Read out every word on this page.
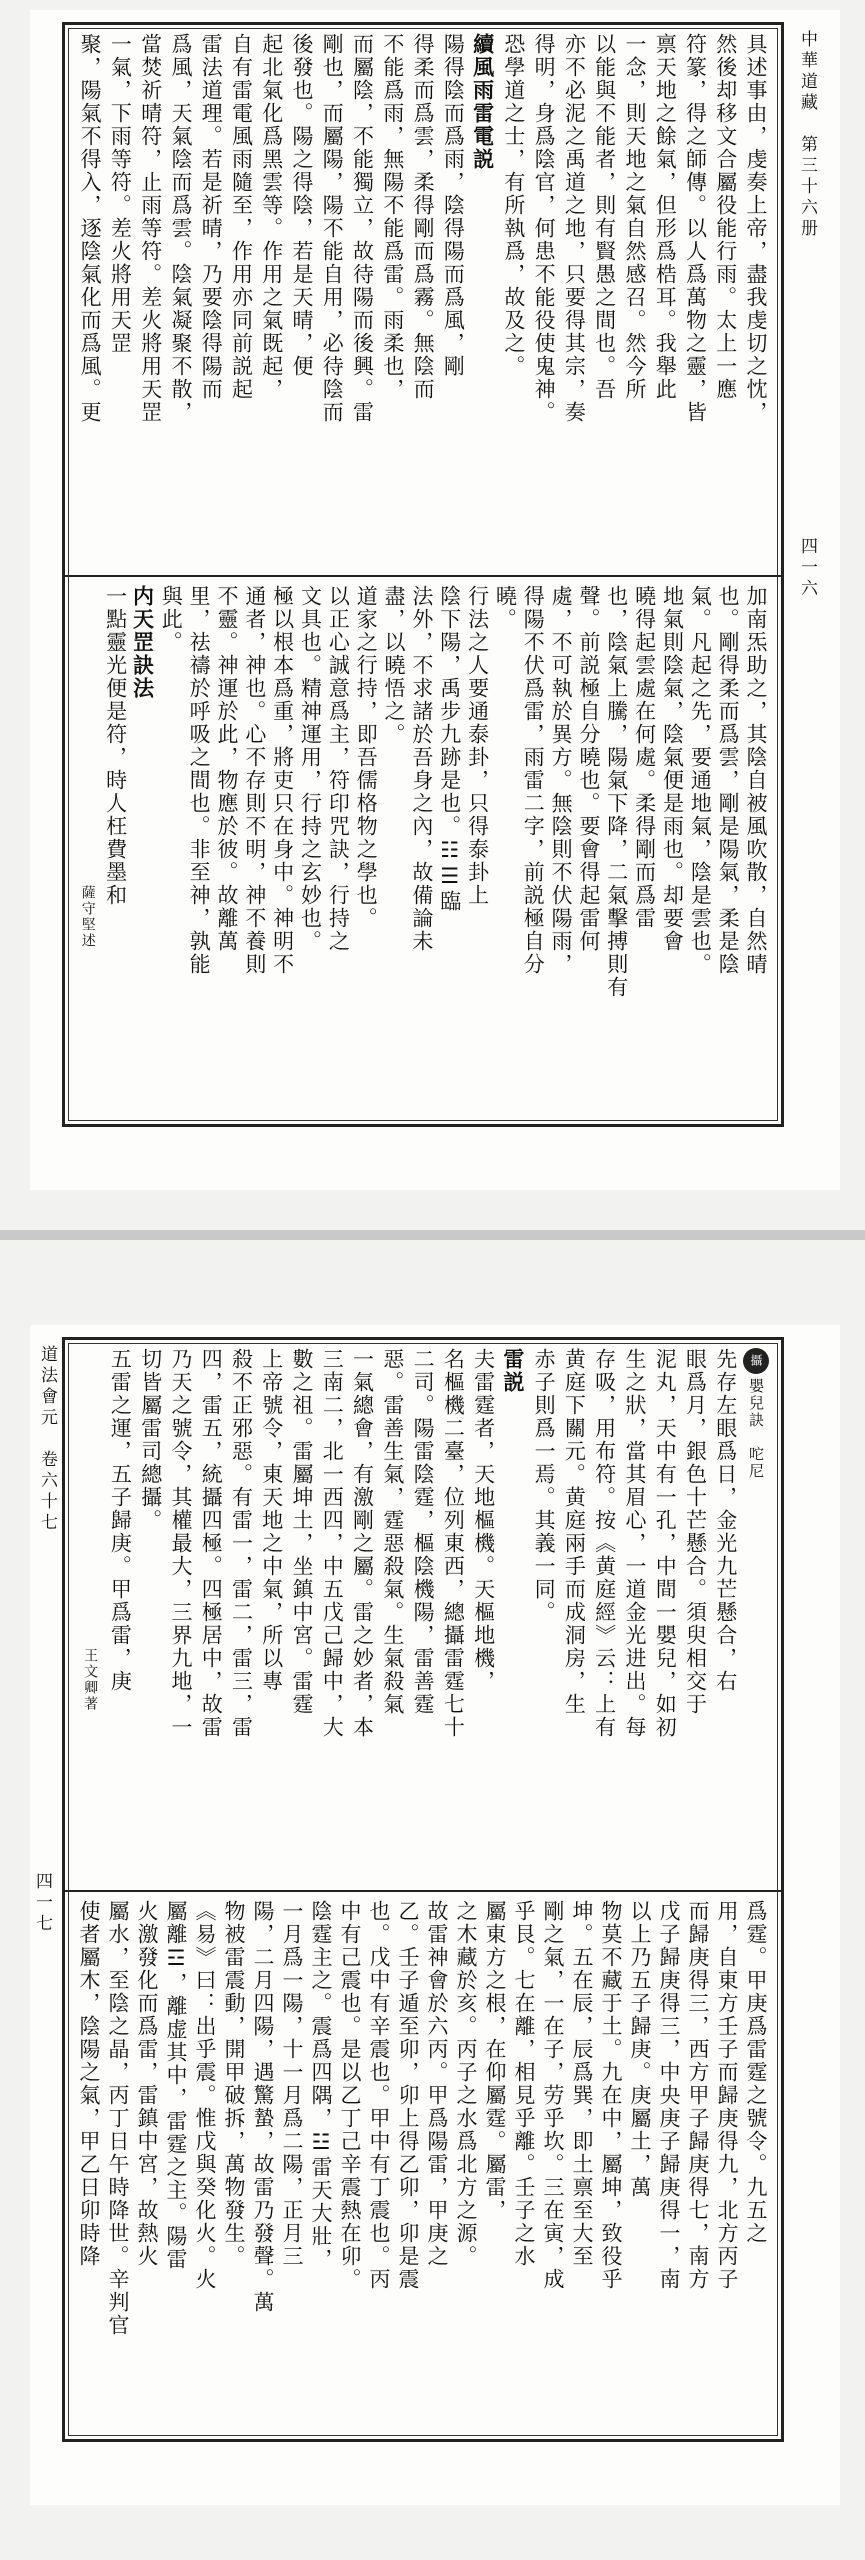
中華道藏　第三十六册
四一六
具述事由，虔奏上帝，盡我虔切之忱，
然後却移文合屬役能行雨。太上一應
符篆，得之師傳。以人爲萬物之靈，皆
禀天地之餘氣，但形爲梏耳。我舉此
一念，則天地之氣自然感召。然今所
以能與不能者，則有賢愚之間也。吾
亦不必泥之禹道之地，只要得其宗，奏
得明，身爲陰官，何患不能役使鬼神。
恐學道之士，有所執爲，故及之。
續風雨雷電説
陽得陰而爲雨，陰得陽而爲風，剛
得柔而爲雲，柔得剛而爲霧。無陰而
不能爲雨，無陽不能爲雷。雨柔也，
而屬陰，不能獨立，故待陽而後興。雷
剛也，而屬陽，陽不能自用，必待陰而
後發也。陽之得陰，若是天晴，便
起北氣化爲黑雲等。作用之氣既起，
自有雷電風雨隨至，作用亦同前説起
雷法道理。若是祈晴，乃要陰得陽而
爲風，天氣陰而爲雲。陰氣凝聚不散，
當焚祈晴符，止雨等符。差火將用天罡
一氣，下雨等符。差火將用天罡
聚，陽氣不得入，逐陰氣化而爲風。更
加南炁助之，其陰自被風吹散，自然晴
也。剛得柔而爲雲，剛是陽氣，柔是陰
氣。凡起之先，要通地氣，陰是雲也。
地氣則陰氣，陰氣便是雨也。却要會
曉得起雲處在何處。柔得剛而爲雷
也，陰氣上騰，陽氣下降，二氣擊搏則有
聲。前説極自分曉也。要會得起雷何
處，不可執於異方。無陰則不伏陽雨，
得陽不伏爲雷，雨雷二字，前説極自分
曉。
行法之人要通泰卦，只得泰卦上
陰下陽，禹步九跡是也。☷☰臨
法外，不求諸於吾身之內，故備論未
盡，以曉悟之。
道家之行持，即吾儒格物之學也。
以正心誠意爲主，符印咒訣，行持之
文具也。精神運用，行持之玄妙也。
極以根本爲重，將吏只在身中。神明不
通者，神也。心不存則不明，神不養則
不靈。神運於此，物應於彼。故離萬
里，祛禱於呼吸之間也。非至神，孰能
與此。
内天罡訣法
一點靈光便是符，時人枉費墨和
薩守堅述
道法會元　卷六十七
四一七
攝嬰兒訣　咜尼
先存左眼爲日，金光九芒懸合，右
眼爲月，銀色十芒懸合。須臾相交于
泥丸，天中有一孔，中間一嬰兒，如初
生之狀，當其眉心，一道金光进出。每
存吸，用布符。按《黄庭經》云：上有
黄庭下關元。黄庭兩手而成洞房，生
赤子則爲一焉。其義一同。
雷説
夫雷霆者，天地樞機。天樞地機，
名樞機二臺，位列東西，總攝雷霆七十
二司。陽雷陰霆，樞陰機陽，雷善霆
惡。雷善生氣，霆惡殺氣。生氣殺氣
一氣總會，有激剛之屬。雷之妙者，本
三南二，北一西四，中五戊己歸中，大
數之祖。雷屬坤土，坐鎮中宮。雷霆
上帝號令，東天地之中氣，所以專
殺不正邪惡。有雷一，雷二，雷三，雷
四，雷五，統攝四極。四極居中，故雷
乃天之號令，其權最大，三界九地，一
切皆屬雷司總攝。
五雷之運，五子歸庚。甲爲雷，庚
王文卿著
爲霆。甲庚爲雷霆之號令。九五之
用，自東方壬子而歸庚得九，北方丙子
而歸庚得三，西方甲子歸庚得七，南方
戊子歸庚得三，中央庚子歸庚得一，南
以上乃五子歸庚。庚屬土，萬
物莫不藏于土。九在中，屬坤，致役乎
坤。五在辰，辰爲巽，即土禀至大至
剛之氣，一在子，劳乎坎。三在寅，成
乎艮。七在離，相見乎離。壬子之水
屬東方之根，在仰屬霆。屬雷，
之木藏於亥。丙子之水爲北方之源。
故雷神會於六丙。甲爲陽雷，甲庚之
乙。壬子遁至卯，卯上得乙卯，卯是震
也。戊中有辛震也。甲中有丁震也。丙
中有己震也。是以乙丁己辛震熱在卯。
陰霆主之。震爲四隅，☳雷天大壯，
一月爲一陽，十一月爲二陽，正月三
陽，二月四陽，遇驚蟄，故雷乃發聲。萬
物被雷震動，開甲破拆，萬物發生。
《易》曰：出乎震。惟戊與癸化火。火
屬離☲，離虚其中，雷霆之主。陽雷
火激發化而爲雷，雷鎮中宮，故熱火
屬水，至陰之晶，丙丁日午時降世。辛判官
使者屬木，陰陽之氣，甲乙日卯時降
